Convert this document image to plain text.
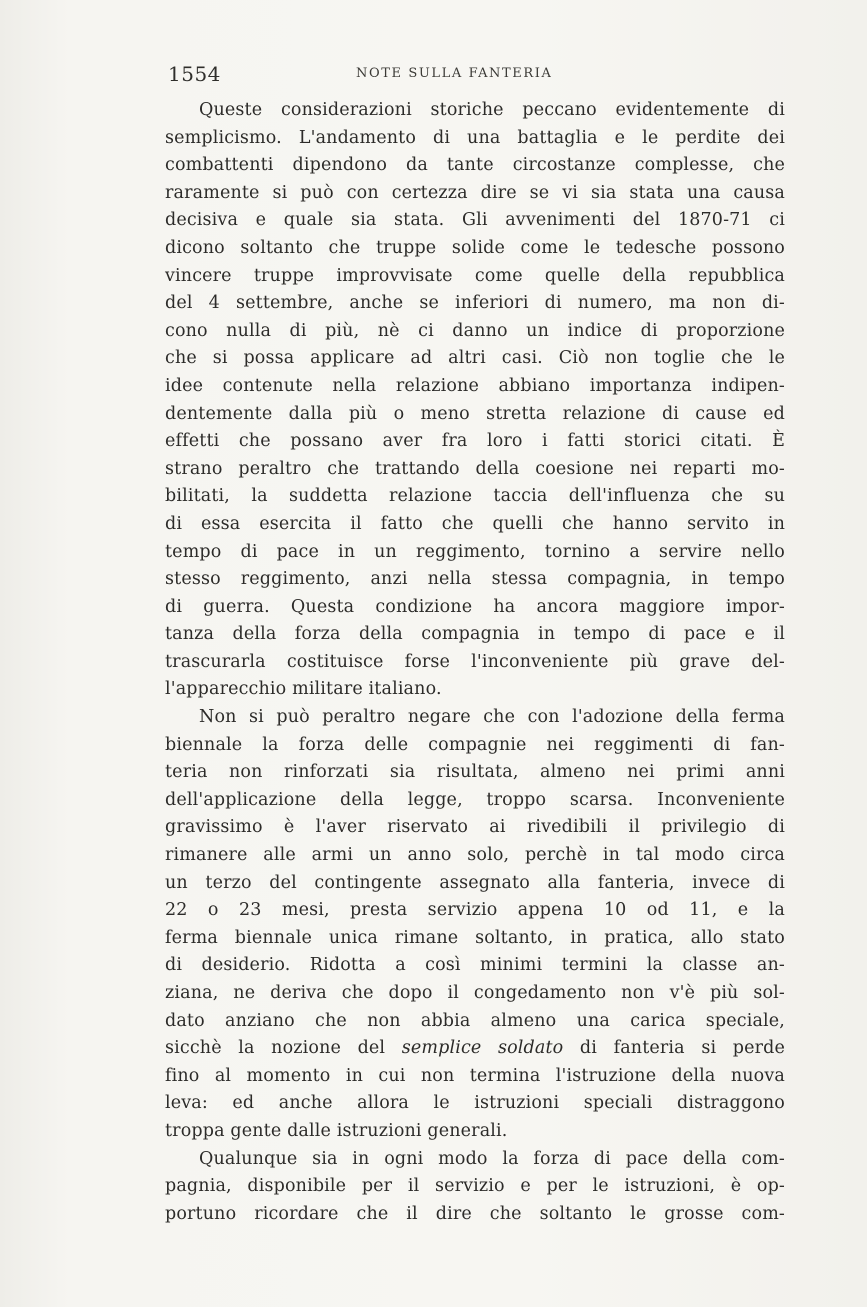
1554	NOTE SULLA FANTERIA
Queste considerazioni storiche peccano evidentemente di
semplicismo. L'andamento di una battaglia e le perdite dei
combattenti dipendono da tante circostanze complesse, che
raramente si può con certezza dire se vi sia stata una causa
decisiva e quale sia stata. Gli avvenimenti del 1870-71 ci
dicono soltanto che truppe solide come le tedesche possono
vincere truppe improvvisate come quelle della repubblica
del 4 settembre, anche se inferiori di numero, ma non di-
cono nulla di più, nè ci danno un indice di proporzione
che si possa applicare ad altri casi. Ciò non toglie che le
idee contenute nella relazione abbiano importanza indipen-
dentemente dalla più o meno stretta relazione di cause ed
effetti che possano aver fra loro i fatti storici citati. È
strano peraltro che trattando della coesione nei reparti mo-
bilitati, la suddetta relazione taccia dell'influenza che su
di essa esercita il fatto che quelli che hanno servito in
tempo di pace in un reggimento, tornino a servire nello
stesso reggimento, anzi nella stessa compagnia, in tempo
di guerra. Questa condizione ha ancora maggiore impor-
tanza della forza della compagnia in tempo di pace e il
trascurarla costituisce forse l'inconveniente più grave del-
l'apparecchio militare italiano.
Non si può peraltro negare che con l'adozione della ferma
biennale la forza delle compagnie nei reggimenti di fan-
teria non rinforzati sia risultata, almeno nei primi anni
dell'applicazione della legge, troppo scarsa. Inconveniente
gravissimo è l'aver riservato ai rivedibili il privilegio di
rimanere alle armi un anno solo, perchè in tal modo circa
un terzo del contingente assegnato alla fanteria, invece di
22 o 23 mesi, presta servizio appena 10 od 11, e la
ferma biennale unica rimane soltanto, in pratica, allo stato
di desiderio. Ridotta a così minimi termini la classe an-
ziana, ne deriva che dopo il congedamento non v'è più sol-
dato anziano che non abbia almeno una carica speciale,
sicchè la nozione del semplice soldato di fanteria si perde
fino al momento in cui non termina l'istruzione della nuova
leva: ed anche allora le istruzioni speciali distraggono
troppa gente dalle istruzioni generali.
Qualunque sia in ogni modo la forza di pace della com-
pagnia, disponibile per il servizio e per le istruzioni, è op-
portuno ricordare che il dire che soltanto le grosse com-
